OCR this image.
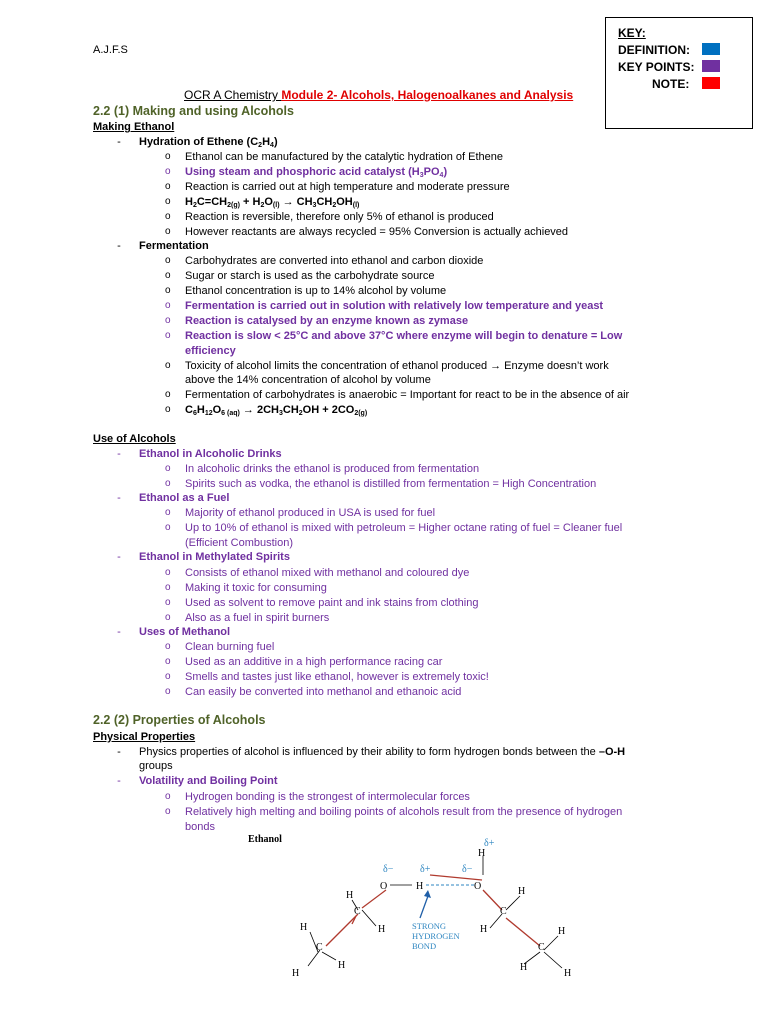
A.J.F.S
OCR A Chemistry Module 2- Alcohols, Halogenoalkanes and Analysis
KEY:
DEFINITION:
KEY POINTS:
NOTE:
2.2 (1) Making and using Alcohols
Making Ethanol
-	Hydration of Ethene $(C_2H_4)$
o Ethanol can be manufactured by the catalytic hydration of Ethene
o Using steam and phosphoric acid catalyst $(H_3PO_4)$
o Reaction is carried out at high temperature and moderate pressure
o $H_2C=CH_{2(g)} + H_2O_{(l)} \to CH_3CH_2OH_{(l)}$
o Reaction is reversible, therefore only 5% of ethanol is produced
o However reactants are always recycled = 95% Conversion is actually achieved
-	Fermentation
o Carbohydrates are converted into ethanol and carbon dioxide
o Sugar or starch is used as the carbohydrate source
o Ethanol concentration is up to 14% alcohol by volume
o Fermentation is carried out in solution with relatively low temperature and yeast
o Reaction is catalysed by an enzyme known as zymase
o Reaction is slow < 25°C and above 37°C where enzyme will begin to denature = Low
efficiency
o Toxicity of alcohol limits the concentration of ethanol produced → Enzyme doesn’t work
above the 14% concentration of alcohol by volume
o Fermentation of carbohydrates is anaerobic = Important for react to be in the absence of air
o $C_6H_{12}O_{6 (aq)} \to 2CH_3CH_2OH + 2CO_{2(g)}$
Use of Alcohols
-	Ethanol in Alcoholic Drinks
o In alcoholic drinks the ethanol is produced from fermentation
o Spirits such as vodka, the ethanol is distilled from fermentation = High Concentration
-	Ethanol as a Fuel
o Majority of ethanol produced in USA is used for fuel
o Up to 10% of ethanol is mixed with petroleum = Higher octane rating of fuel = Cleaner fuel
(Efficient Combustion)
-	Ethanol in Methylated Spirits
o Consists of ethanol mixed with methanol and coloured dye
o Making it toxic for consuming
o Used as solvent to remove paint and ink stains from clothing
o Also as a fuel in spirit burners
-	Uses of Methanol
o Clean burning fuel
o Used as an additive in a high performance racing car
o Smells and tastes just like ethanol, however is extremely toxic!
o Can easily be converted into methanol and ethanoic acid
2.2 (2) Properties of Alcohols
Physical Properties
-	Physics properties of alcohol is influenced by their ability to form hydrogen bonds between the –O-H
groups
-	Volatility and Boiling Point
o Hydrogen bonding is the strongest of intermolecular forces
o Relatively high melting and boiling points of alcohols result from the presence of hydrogen
bonds
Ethanol
δ−	δ+	δ−
δ+
O	H	O
H
C
H
H
C
H
H
H
C
H
H
C
H
H
H
STRONG
HYDROGEN
BOND
